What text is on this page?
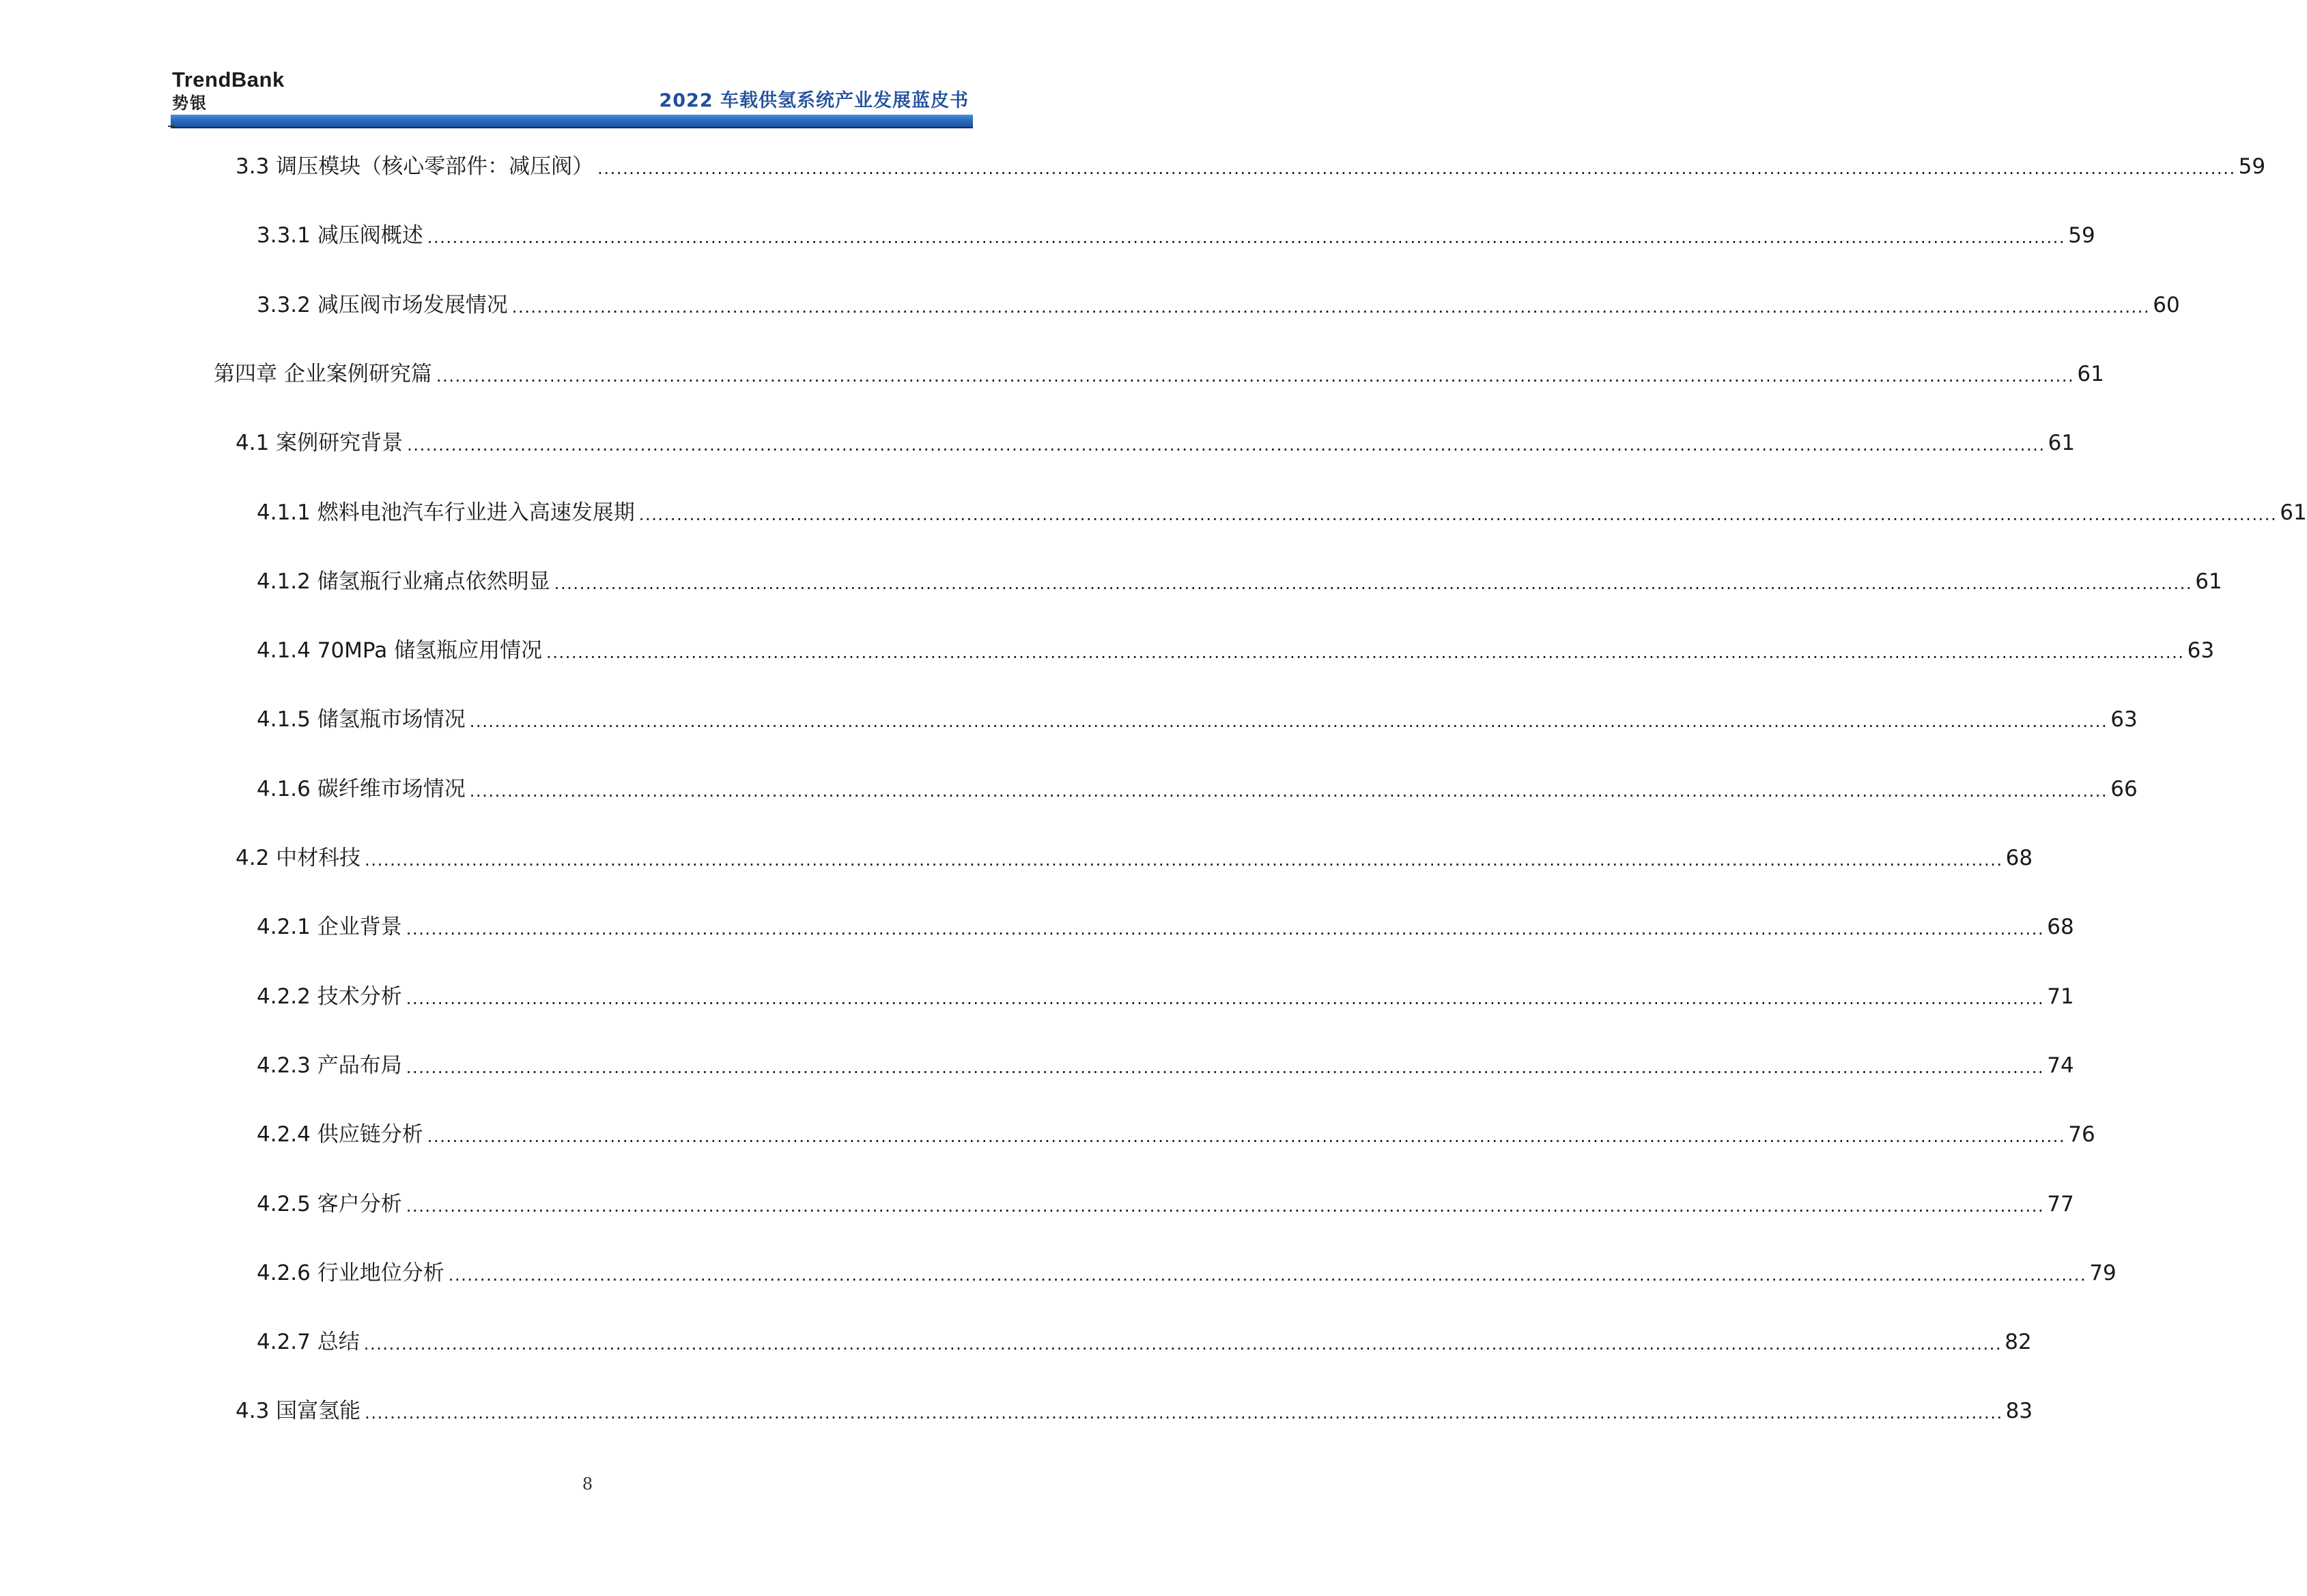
TrendBank
势银	2022 车载供氢系统产业发展蓝皮书
3.3 调压模块（核心零部件：减压阀） .................................................................................................................................................................................................................................................................... 59
3.3.1 减压阀概述 .................................................................................................................................................................................................................................................................... 59
3.3.2 减压阀市场发展情况 .................................................................................................................................................................................................................................................................... 60
第四章 企业案例研究篇 .................................................................................................................................................................................................................................................................... 61
4.1 案例研究背景 .................................................................................................................................................................................................................................................................... 61
4.1.1 燃料电池汽车行业进入高速发展期 .................................................................................................................................................................................................................................................................... 61
4.1.2 储氢瓶行业痛点依然明显 .................................................................................................................................................................................................................................................................... 61
4.1.4 70MPa 储氢瓶应用情况 .................................................................................................................................................................................................................................................................... 63
4.1.5 储氢瓶市场情况 .................................................................................................................................................................................................................................................................... 63
4.1.6 碳纤维市场情况 .................................................................................................................................................................................................................................................................... 66
4.2 中材科技 .................................................................................................................................................................................................................................................................... 68
4.2.1 企业背景 .................................................................................................................................................................................................................................................................... 68
4.2.2 技术分析 .................................................................................................................................................................................................................................................................... 71
4.2.3 产品布局 .................................................................................................................................................................................................................................................................... 74
4.2.4 供应链分析 .................................................................................................................................................................................................................................................................... 76
4.2.5 客户分析 .................................................................................................................................................................................................................................................................... 77
4.2.6 行业地位分析 .................................................................................................................................................................................................................................................................... 79
4.2.7 总结 .................................................................................................................................................................................................................................................................... 82
4.3 国富氢能 .................................................................................................................................................................................................................................................................... 83
8
